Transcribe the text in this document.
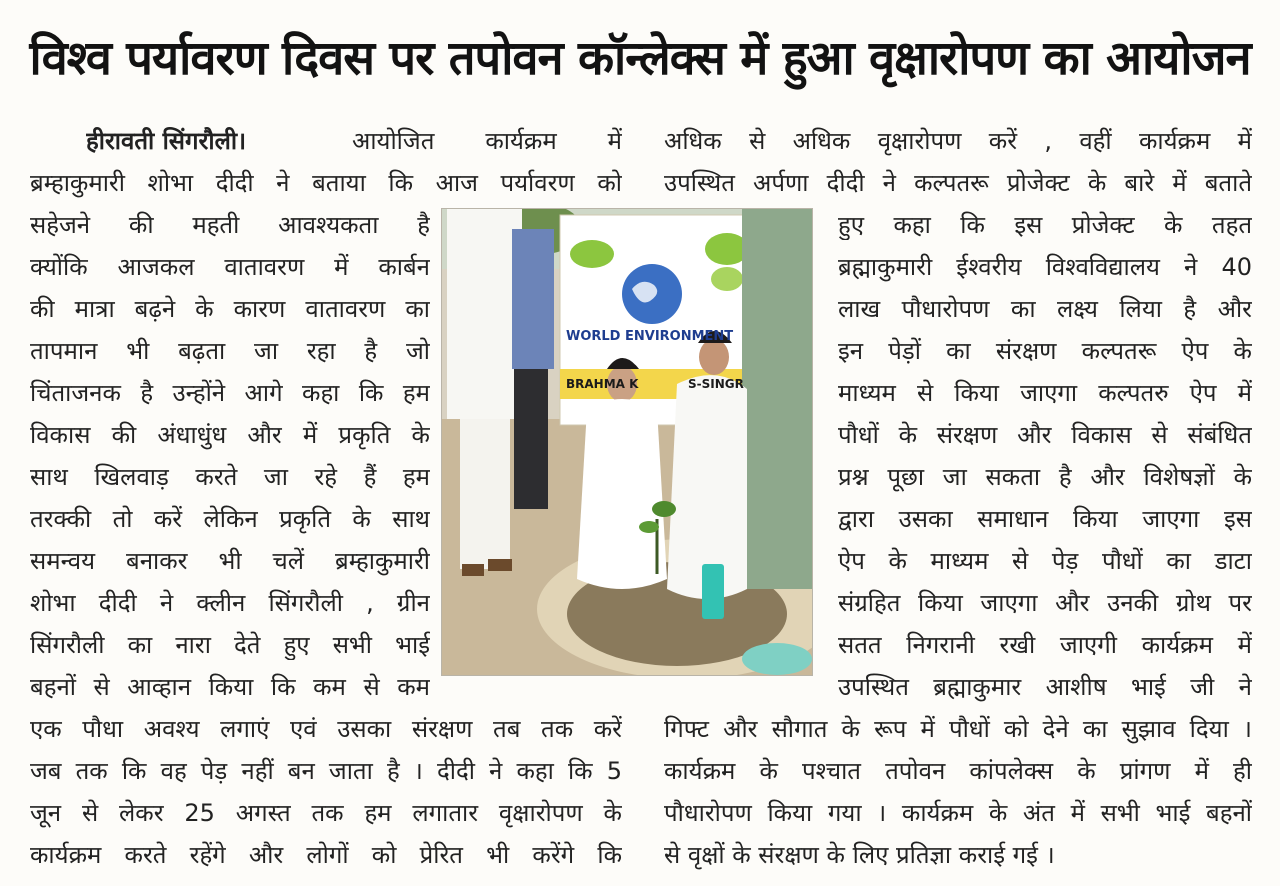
विश्व पर्यावरण दिवस पर तपोवन कॉन्लेक्स में हुआ वृक्षारोपण का आयोजन
हीरावती सिंगरौली।	आयोजित कार्यक्रम में
ब्रम्हाकुमारी शोभा दीदी ने बताया कि आज पर्यावरण को
सहेजने की महती आवश्यकता है
क्योंकि आजकल वातावरण में कार्बन
की मात्रा बढ़ने के कारण वातावरण का
तापमान भी बढ़ता जा रहा है जो
चिंताजनक है उन्होंने आगे कहा कि हम
विकास की अंधाधुंध और में प्रकृति के
साथ खिलवाड़ करते जा रहे हैं हम
तरक्की तो करें लेकिन प्रकृति के साथ
समन्वय बनाकर भी चलें ब्रम्हाकुमारी
शोभा दीदी ने क्लीन सिंगरौली , ग्रीन
सिंगरौली का नारा देते हुए सभी भाई
बहनों से आव्हान किया कि कम से कम
एक पौधा अवश्य लगाएं एवं उसका संरक्षण तब तक करें
जब तक कि वह पेड़ नहीं बन जाता है । दीदी ने कहा कि 5
जून से लेकर 25 अगस्त तक हम लगातार वृक्षारोपण के
कार्यक्रम करते रहेंगे और लोगों को प्रेरित भी करेंगे कि
अधिक से अधिक वृक्षारोपण करें , वहीं कार्यक्रम में
उपस्थित अर्पणा दीदी ने कल्पतरू प्रोजेक्ट के बारे में बताते
हुए कहा कि इस प्रोजेक्ट के तहत
ब्रह्माकुमारी ईश्वरीय विश्वविद्यालय ने 40
लाख पौधारोपण का लक्ष्य लिया है और
इन पेड़ों का संरक्षण कल्पतरू ऐप के
माध्यम से किया जाएगा कल्पतरु ऐप में
पौधों के संरक्षण और विकास से संबंधित
प्रश्न पूछा जा सकता है और विशेषज्ञों के
द्वारा उसका समाधान किया जाएगा इस
ऐप के माध्यम से पेड़ पौधों का डाटा
संग्रहित किया जाएगा और उनकी ग्रोथ पर
सतत निगरानी रखी जाएगी कार्यक्रम में
उपस्थित ब्रह्माकुमार आशीष भाई जी ने
गिफ्ट और सौगात के रूप में पौधों को देने का सुझाव दिया ।
कार्यक्रम के पश्चात तपोवन कांपलेक्स के प्रांगण में ही
पौधारोपण किया गया । कार्यक्रम के अंत में सभी भाई बहनों
से वृक्षों के संरक्षण के लिए प्रतिज्ञा कराई गई ।
WORLD ENVIRONMENT
BRAHMA K	S-SINGR
